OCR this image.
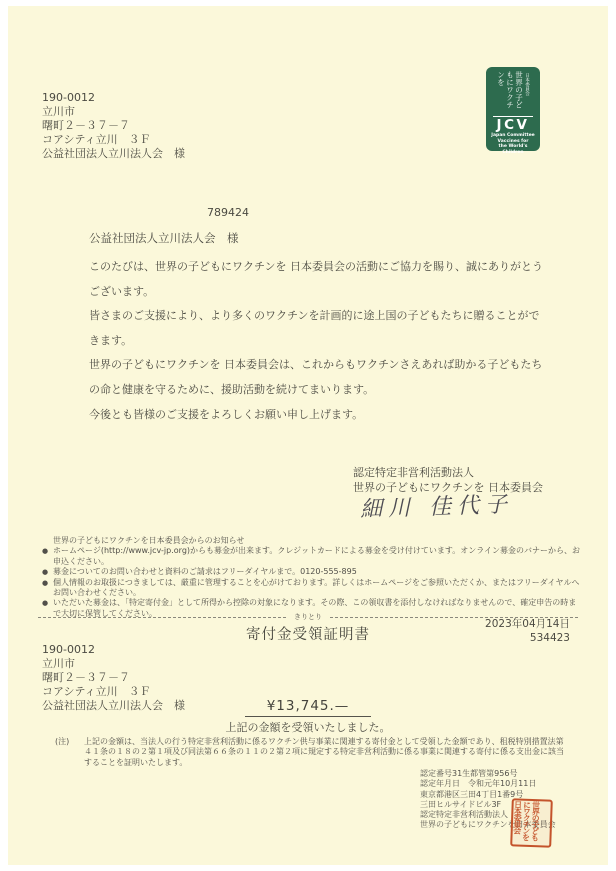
190-0012
立川市
曙町２－３７－７
コアシティ立川　３Ｆ
公益社団法人立川法人会　様
世界の子どもにワクチンを	日本委員会
JCV
Japan Committee
Vaccines for
the World's Children
789424
公益社団法人立川法人会　様
このたびは、世界の子どもにワクチンを 日本委員会の活動にご協力を賜り、誠にありがとう
ございます。
皆さまのご支援により、より多くのワクチンを計画的に途上国の子どもたちに贈ることがで
きます。
世界の子どもにワクチンを 日本委員会は、これからもワクチンさえあれば助かる子どもたち
の命と健康を守るために、援助活動を続けてまいります。
今後とも皆様のご支援をよろしくお願い申し上げます。
認定特定非営利活動法人
世界の子どもにワクチンを 日本委員会
細川 佳代子
世界の子どもにワクチンを日本委員会からのお知らせ
● ホームページ(http://www.jcv-jp.org)からも募金が出来ます。クレジットカードによる募金を受け付けています。オンライン募金のバナーから、お申込ください。
● 募金についてのお問い合わせと資料のご請求はフリーダイヤルまで。0120-555-895
● 個人情報のお取扱につきましては、厳重に管理することを心がけております。詳しくはホームページをご参照いただくか、またはフリーダイヤルへお問い合わせください。
● いただいた募金は、「特定寄付金」として所得から控除の対象になります。その際、この領収書を添付しなければなりませんので、確定申告の時まで大切に保管してください。	きりとり
寄付金受領証明書
2023年04月14日
534423
190-0012
立川市
曙町２－３７－７
コアシティ立川　３Ｆ
公益社団法人立川法人会　様	¥13,745.—
上記の金額を受領いたしました。
(注)	上記の金額は、当法人の行う特定非営利活動に係るワクチン供与事業に関連する寄付金として受領した金額であり、租税特別措置法第４１条の１８の２第１項及び同法第６６条の１１の２第２項に規定する特定非営利活動に係る事業に関連する寄付に係る支出金に該当することを証明いたします。
認定番号31生都管第956号
認定年月日　令和元年10月11日
東京都港区三田4丁目1番9号
三田ヒルサイドビル3F
認定特定非営利活動法人
世界の子どもにワクチンを日本委員会
世界の子どもにワクチンを日本委員会
